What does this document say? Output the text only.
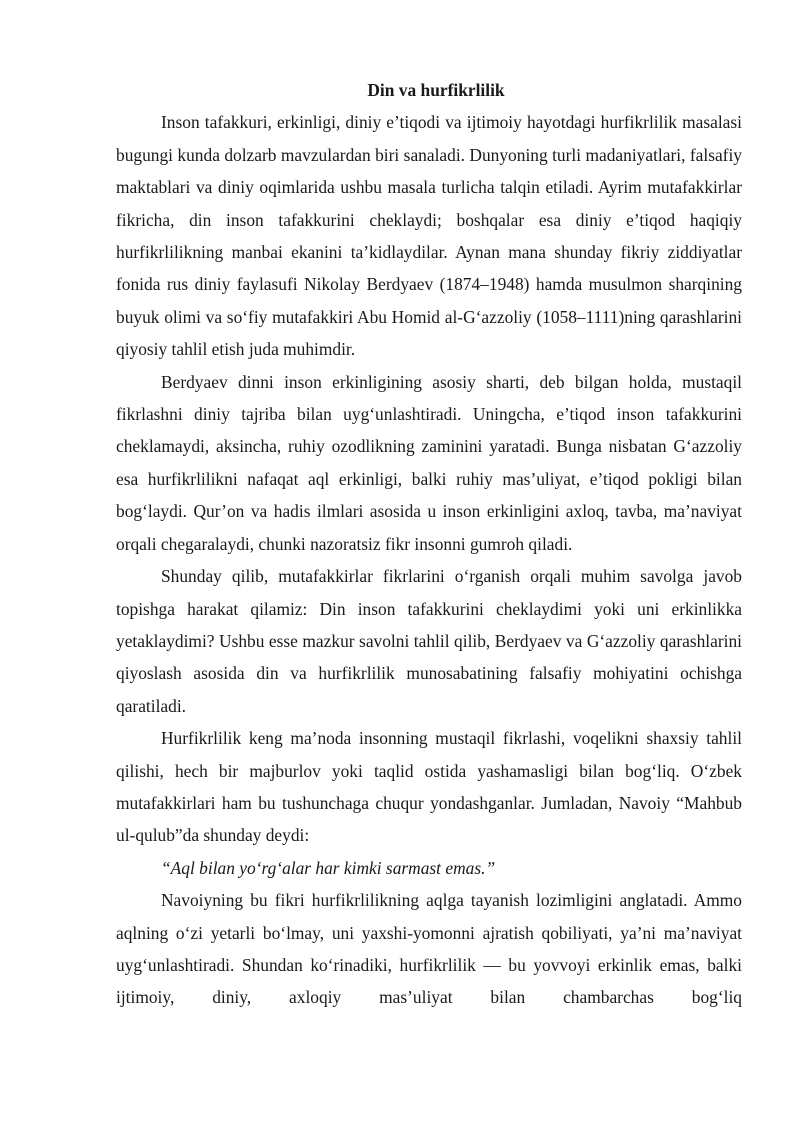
Din va hurfikrlilik

Inson tafakkuri, erkinligi, diniy e’tiqodi va ijtimoiy hayotdagi hurfikrlilik masalasi bugungi kunda dolzarb mavzulardan biri sanaladi. Dunyoning turli madaniyatlari, falsafiy maktablari va diniy oqimlarida ushbu masala turlicha talqin etiladi. Ayrim mutafakkirlar fikricha, din inson tafakkurini cheklaydi; boshqalar esa diniy e’tiqod haqiqiy hurfikrlilikning manbai ekanini ta’kidlaydilar. Aynan mana shunday fikriy ziddiyatlar fonida rus diniy faylasufi Nikolay Berdyaev (1874–1948) hamda musulmon sharqining buyuk olimi va so‘fiy mutafakkiri Abu Homid al-G‘azzoliy (1058–1111)ning qarashlarini qiyosiy tahlil etish juda muhimdir.

Berdyaev dinni inson erkinligining asosiy sharti, deb bilgan holda, mustaqil fikrlashni diniy tajriba bilan uyg‘unlashtiradi. Uningcha, e’tiqod inson tafakkurini cheklamaydi, aksincha, ruhiy ozodlikning zaminini yaratadi. Bunga nisbatan G‘azzoliy esa hurfikrlilikni nafaqat aql erkinligi, balki ruhiy mas’uliyat, e’tiqod pokligi bilan bog‘laydi. Qur’on va hadis ilmlari asosida u inson erkinligini axloq, tavba, ma’naviyat orqali chegaralaydi, chunki nazoratsiz fikr insonni gumroh qiladi.

Shunday qilib, mutafakkirlar fikrlarini o‘rganish orqali muhim savolga javob topishga harakat qilamiz: Din inson tafakkurini cheklaydimi yoki uni erkinlikka yetaklaydimi? Ushbu esse mazkur savolni tahlil qilib, Berdyaev va G‘azzoliy qarashlarini qiyoslash asosida din va hurfikrlilik munosabatining falsafiy mohiyatini ochishga qaratiladi.

Hurfikrlilik keng ma’noda insonning mustaqil fikrlashi, voqelikni shaxsiy tahlil qilishi, hech bir majburlov yoki taqlid ostida yashamasligi bilan bog‘liq. O‘zbek mutafakkirlari ham bu tushunchaga chuqur yondashganlar. Jumladan, Navoiy “Mahbub ul-qulub”da shunday deydi:

“Aql bilan yo‘rg‘alar har kimki sarmast emas.”

Navoiyning bu fikri hurfikrlilikning aqlga tayanish lozimligini anglatadi. Ammo aqlning o‘zi yetarli bo‘lmay, uni yaxshi-yomonni ajratish qobiliyati, ya’ni ma’naviyat uyg‘unlashtiradi. Shundan ko‘rinadiki, hurfikrlilik — bu yovvoyi erkinlik emas, balki ijtimoiy, diniy, axloqiy mas’uliyat bilan chambarchas bog‘liq
